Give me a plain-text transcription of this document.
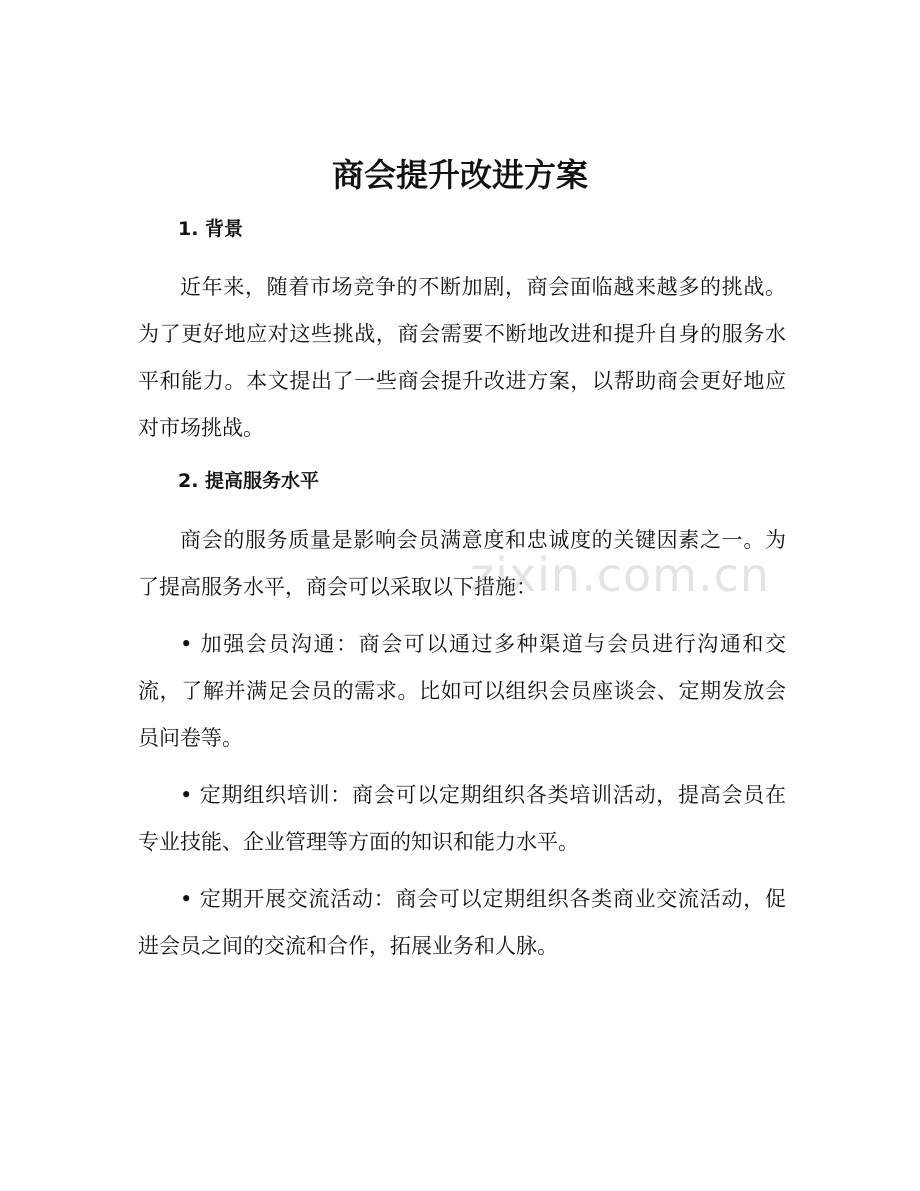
商会提升改进方案
1. 背景

近年来，随着市场竞争的不断加剧，商会面临越来越多的挑战。为了更好地应对这些挑战，商会需要不断地改进和提升自身的服务水平和能力。本文提出了一些商会提升改进方案，以帮助商会更好地应对市场挑战。

2. 提高服务水平

商会的服务质量是影响会员满意度和忠诚度的关键因素之一。为了提高服务水平，商会可以采取以下措施：

• 加强会员沟通：商会可以通过多种渠道与会员进行沟通和交流，了解并满足会员的需求。比如可以组织会员座谈会、定期发放会员问卷等。

• 定期组织培训：商会可以定期组织各类培训活动，提高会员在专业技能、企业管理等方面的知识和能力水平。

• 定期开展交流活动：商会可以定期组织各类商业交流活动，促进会员之间的交流和合作，拓展业务和人脉。

zixin.com.cn
